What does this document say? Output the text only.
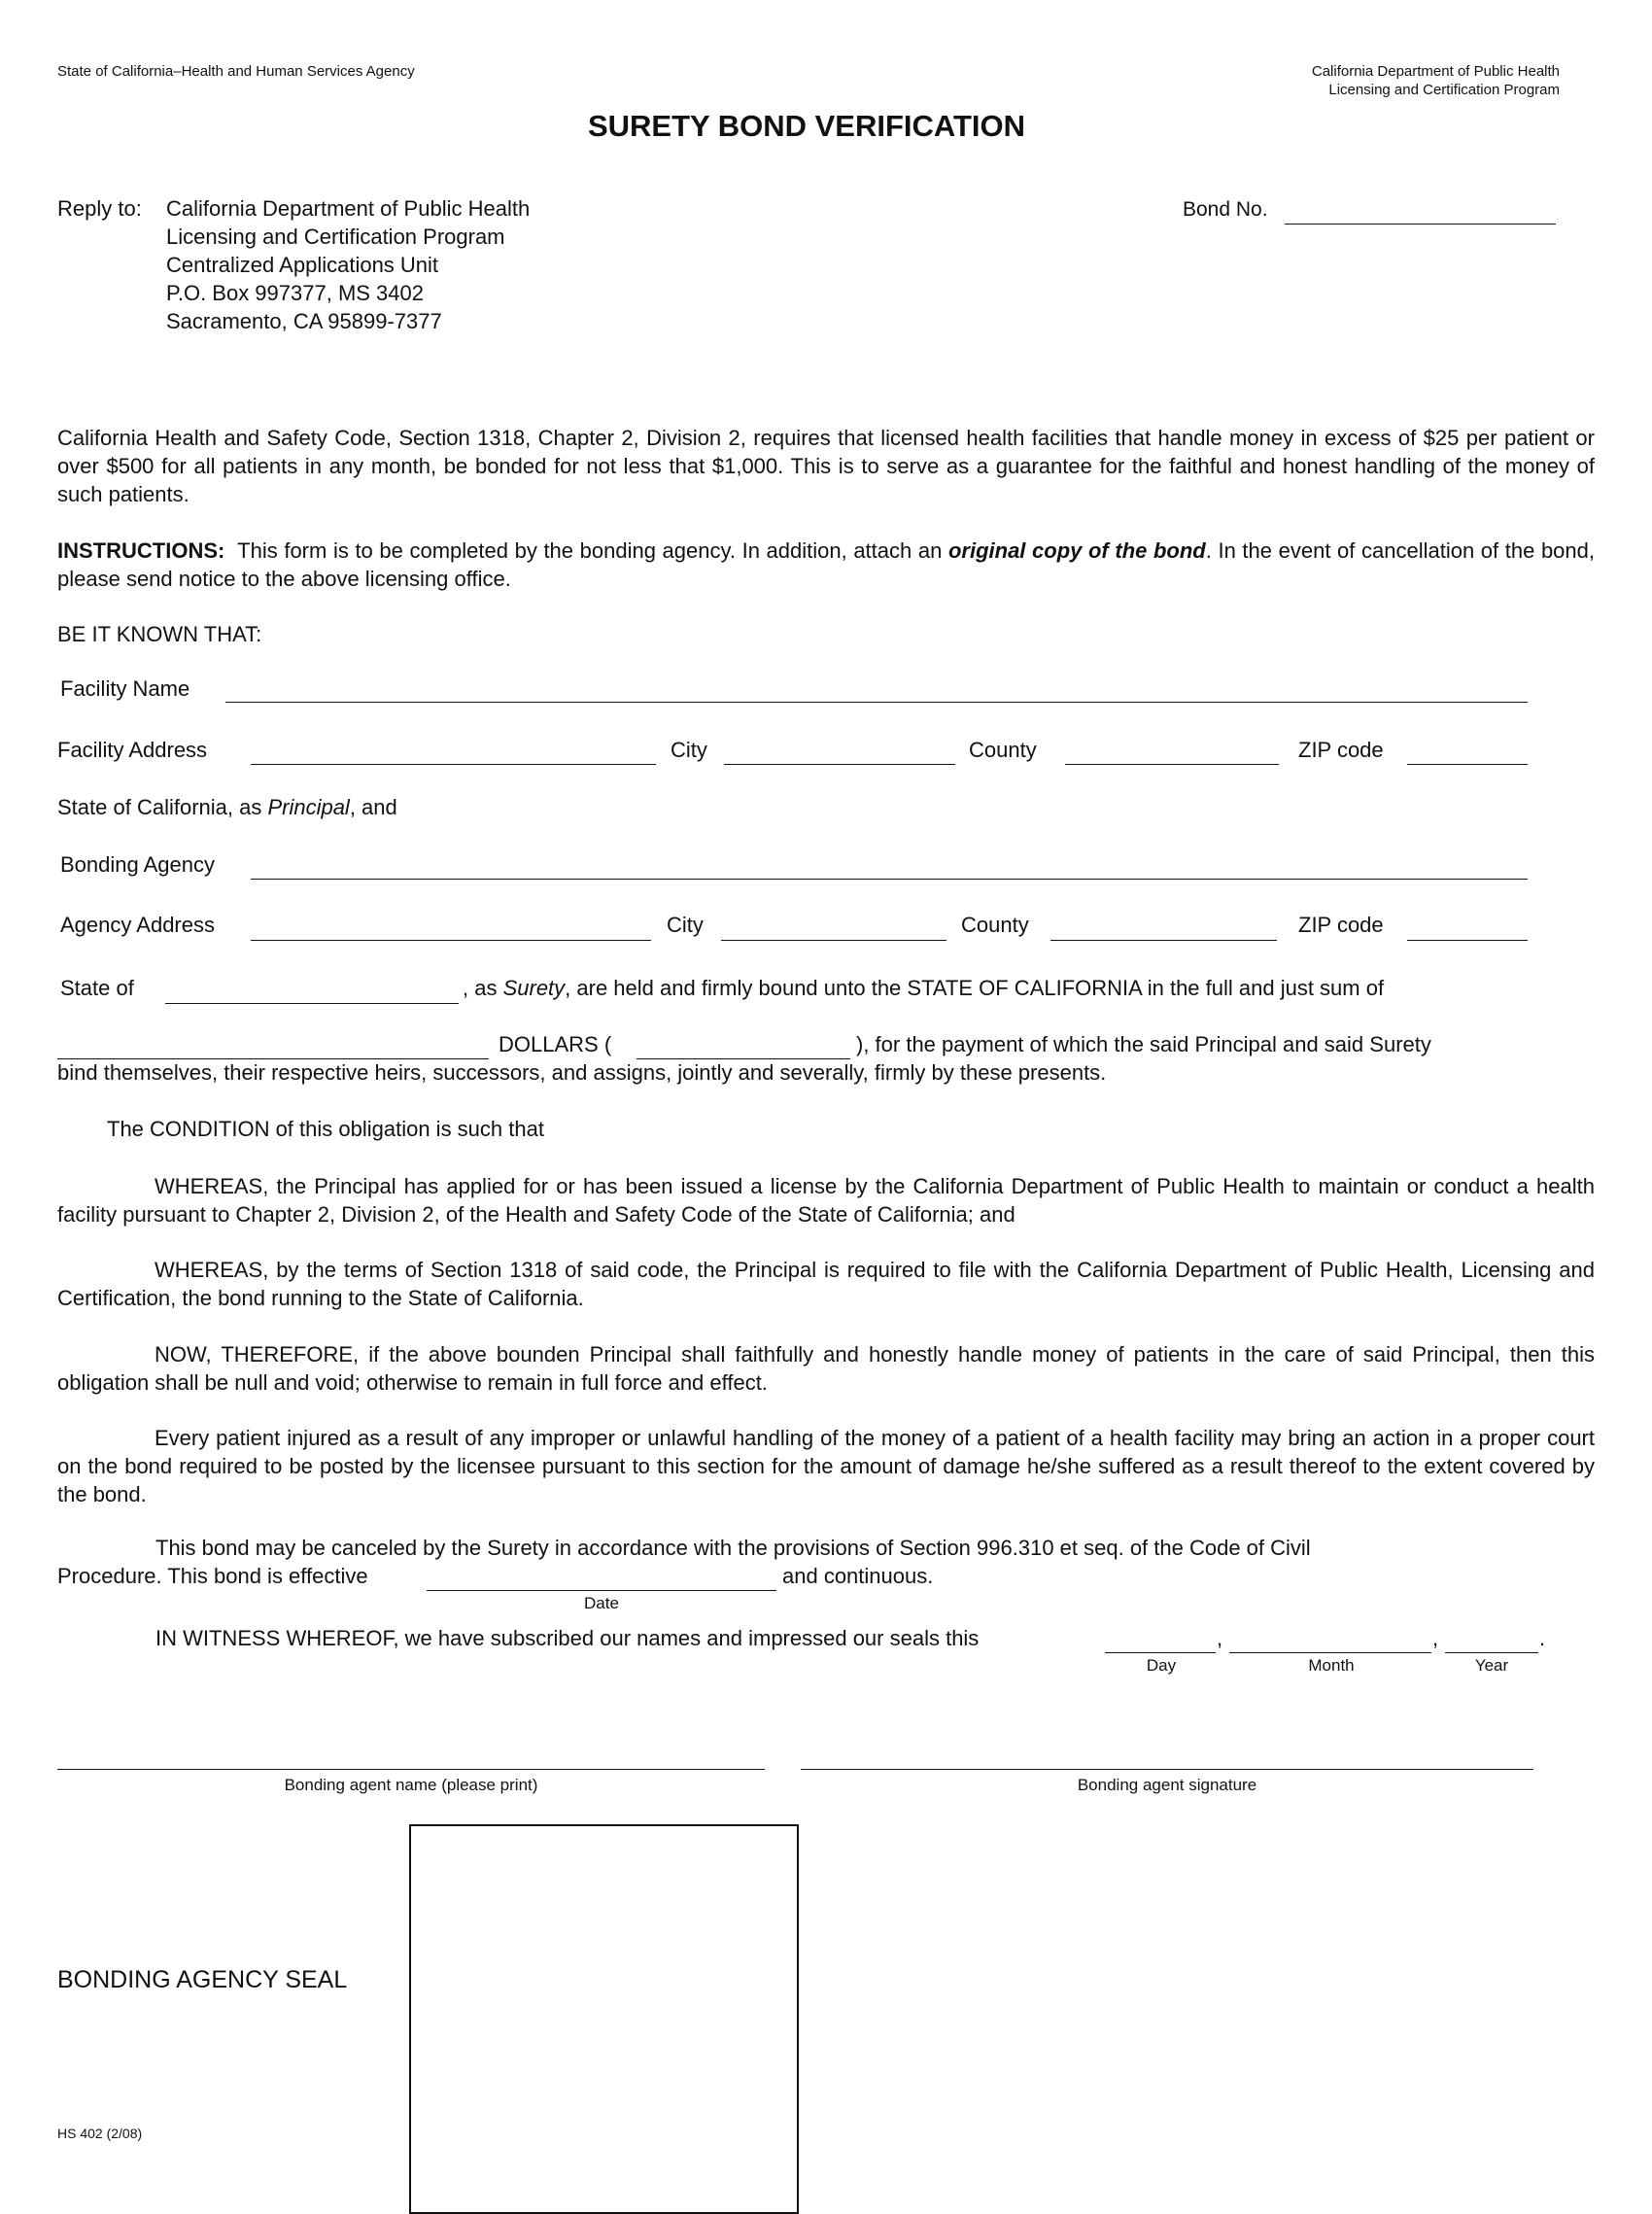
State of California–Health and Human Services Agency	California Department of Public Health
Licensing and Certification Program
SURETY BOND VERIFICATION
Reply to: California Department of Public Health
Licensing and Certification Program
Centralized Applications Unit
P.O. Box 997377, MS 3402
Sacramento, CA 95899-7377
Bond No.
California Health and Safety Code, Section 1318, Chapter 2, Division 2, requires that licensed health facilities that handle money in excess of $25 per patient or over $500 for all patients in any month, be bonded for not less that $1,000. This is to serve as a guarantee for the faithful and honest handling of the money of such patients.
INSTRUCTIONS: This form is to be completed by the bonding agency. In addition, attach an original copy of the bond. In the event of cancellation of the bond, please send notice to the above licensing office.
BE IT KNOWN THAT:
Facility Name
Facility Address	City	County	ZIP code
State of California, as Principal, and
Bonding Agency
Agency Address	City	County	ZIP code
State of	, as Surety, are held and firmly bound unto the STATE OF CALIFORNIA in the full and just sum of
DOLLARS (	), for the payment of which the said Principal and said Surety
bind themselves, their respective heirs, successors, and assigns, jointly and severally, firmly by these presents.
The CONDITION of this obligation is such that
WHEREAS, the Principal has applied for or has been issued a license by the California Department of Public Health to maintain or conduct a health facility pursuant to Chapter 2, Division 2, of the Health and Safety Code of the State of California; and
WHEREAS, by the terms of Section 1318 of said code, the Principal is required to file with the California Department of Public Health, Licensing and Certification, the bond running to the State of California.
NOW, THEREFORE, if the above bounden Principal shall faithfully and honestly handle money of patients in the care of said Principal, then this obligation shall be null and void; otherwise to remain in full force and effect.
Every patient injured as a result of any improper or unlawful handling of the money of a patient of a health facility may bring an action in a proper court on the bond required to be posted by the licensee pursuant to this section for the amount of damage he/she suffered as a result thereof to the extent covered by the bond.
This bond may be canceled by the Surety in accordance with the provisions of Section 996.310 et seq. of the Code of Civil
Procedure. This bond is effective	and continuous.
Date
IN WITNESS WHEREOF, we have subscribed our names and impressed our seals this	,	,	.
Day	Month	Year
Bonding agent name (please print)	Bonding agent signature
BONDING AGENCY SEAL
HS 402 (2/08)
